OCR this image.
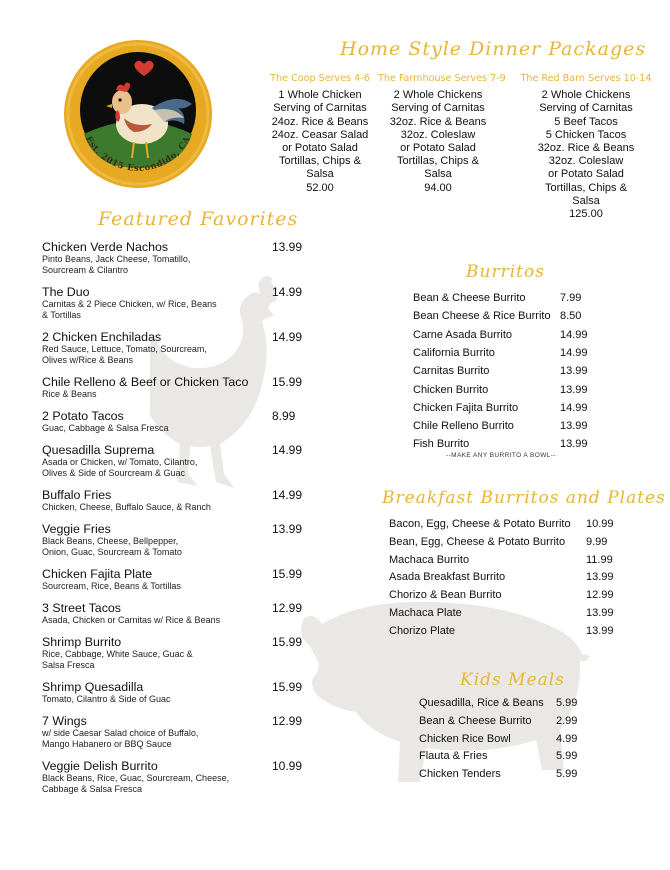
Est. 2015 Escondido, CA
Home Style Dinner Packages
The Coop Serves 4-6
1 Whole Chicken
Serving of Carnitas
24oz. Rice & Beans
24oz. Ceasar Salad
or Potato Salad
Tortillas, Chips &
Salsa
52.00
The Farmhouse Serves 7-9
2 Whole Chickens
Serving of Carnitas
32oz. Rice & Beans
32oz. Coleslaw
or Potato Salad
Tortillas, Chips &
Salsa
94.00
The Red Barn Serves 10-14
2 Whole Chickens
Serving of Carnitas
5 Beef Tacos
5 Chicken Tacos
32oz. Rice & Beans
32oz. Coleslaw
or Potato Salad
Tortillas, Chips &
Salsa
125.00
Featured Favorites
Chicken Verde Nachos
Pinto Beans, Jack Cheese, Tomatillo,
Sourcream & Cilantro
13.99
The Duo
Carnitas & 2 Piece Chicken, w/ Rice, Beans
& Tortillas
14.99
2 Chicken Enchiladas
Red Sauce, Lettuce, Tomato, Sourcream,
Olives w/Rice & Beans
14.99
Chile Relleno & Beef or Chicken Taco
Rice & Beans
15.99
2 Potato Tacos
Guac, Cabbage & Salsa Fresca
8.99
Quesadilla Suprema
Asada or Chicken, w/ Tomato, Cilantro,
Olives & Side of Sourcream & Guac
14.99
Buffalo Fries
Chicken, Cheese, Buffalo Sauce, & Ranch
14.99
Veggie Fries
Black Beans, Cheese, Bellpepper,
Onion, Guac, Sourcream & Tomato
13.99
Chicken Fajita Plate
Sourcream, Rice, Beans & Tortillas
15.99
3 Street Tacos
Asada, Chicken or Carnitas w/ Rice & Beans
12.99
Shrimp Burrito
Rice, Cabbage, White Sauce, Guac &
Salsa Fresca
15.99
Shrimp Quesadilla
Tomato, Cilantro & Side of Guac
15.99
7 Wings
w/ side Caesar Salad choice of Buffalo,
Mango Habanero or BBQ Sauce
12.99
Veggie Delish Burrito
Black Beans, Rice, Guac, Sourcream, Cheese,
Cabbage & Salsa Fresca
10.99
Burritos
Bean & Cheese Burrito	7.99
Bean Cheese & Rice Burrito 8.50
Carne Asada Burrito	14.99
California Burrito	14.99
Carnitas Burrito	13.99
Chicken Burrito	13.99
Chicken Fajita Burrito	14.99
Chile Relleno Burrito	13.99
Fish Burrito	13.99
--MAKE ANY BURRITO A BOWL--
Breakfast Burritos and Plates
Bacon, Egg, Cheese & Potato Burrito 10.99
Bean, Egg, Cheese & Potato Burrito 9.99
Machaca Burrito	11.99
Asada Breakfast Burrito	13.99
Chorizo & Bean Burrito	12.99
Machaca Plate	13.99
Chorizo Plate	13.99
Kids Meals
Quesadilla, Rice & Beans 5.99
Bean & Cheese Burrito 2.99
Chicken Rice Bowl	4.99
Flauta & Fries	5.99
Chicken Tenders	5.99
